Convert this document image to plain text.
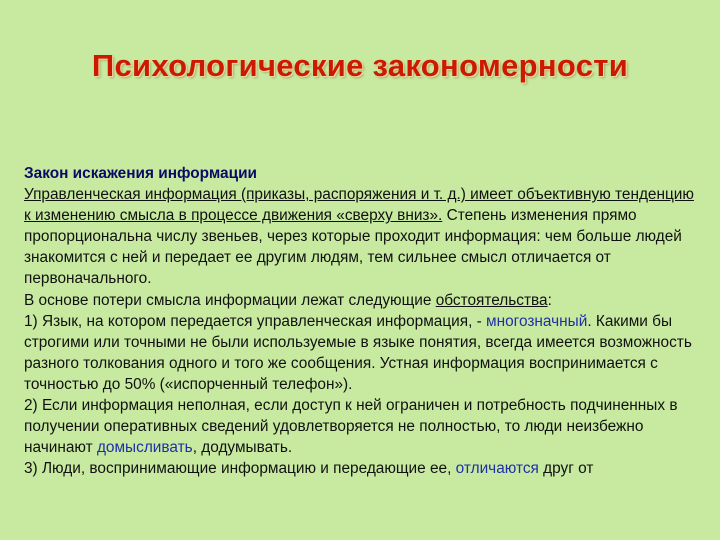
Психологические закономерности

Закон искажения информации

Управленческая информация (приказы, распоряжения и т. д.) имеет объективную тенденцию к изменению смысла в процессе движения «сверху вниз». Степень изменения прямо пропорциональна числу звеньев, через которые проходит информация: чем больше людей знакомится с ней и передает ее другим людям, тем сильнее смысл отличается от первоначального.

В основе потери смысла информации лежат следующие обстоятельства:

1) Язык, на котором передается управленческая информация, - многозначный. Какими бы строгими или точными не были используемые в языке понятия, всегда имеется возможность разного толкования одного и того же сообщения. Устная информация воспринимается с точностью до 50% («испорченный телефон»).

2) Если информация неполная, если доступ к ней ограничен и потребность подчиненных в получении оперативных сведений удовлетворяется не полностью, то люди неизбежно начинают домысливать, додумывать.

3) Люди, воспринимающие информацию и передающие ее, отличаются друг от
